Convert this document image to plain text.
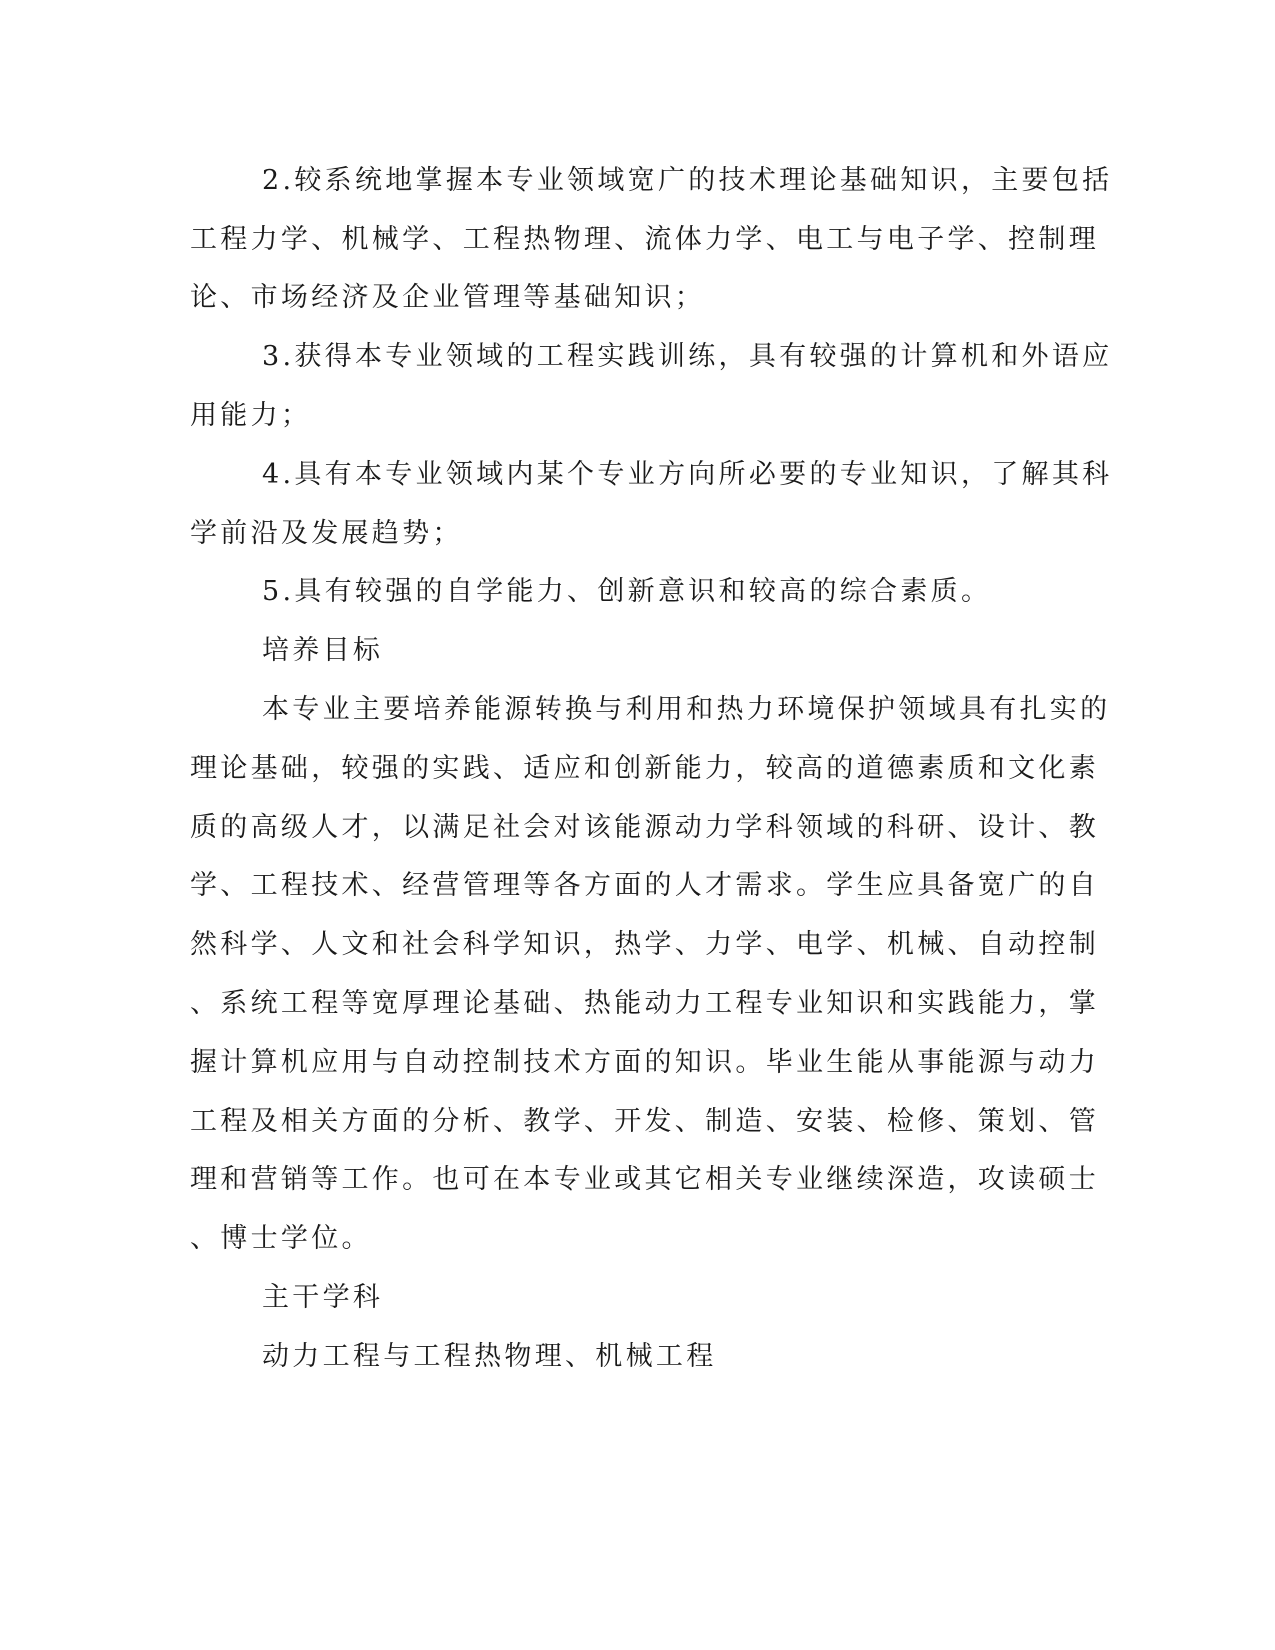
2.较系统地掌握本专业领域宽广的技术理论基础知识，主要包括
工程力学、机械学、工程热物理、流体力学、电工与电子学、控制理
论、市场经济及企业管理等基础知识；
3.获得本专业领域的工程实践训练，具有较强的计算机和外语应
用能力；
4.具有本专业领域内某个专业方向所必要的专业知识，了解其科
学前沿及发展趋势；
5.具有较强的自学能力、创新意识和较高的综合素质。
培养目标
本专业主要培养能源转换与利用和热力环境保护领域具有扎实的
理论基础，较强的实践、适应和创新能力，较高的道德素质和文化素
质的高级人才，以满足社会对该能源动力学科领域的科研、设计、教
学、工程技术、经营管理等各方面的人才需求。学生应具备宽广的自
然科学、人文和社会科学知识，热学、力学、电学、机械、自动控制
、系统工程等宽厚理论基础、热能动力工程专业知识和实践能力，掌
握计算机应用与自动控制技术方面的知识。毕业生能从事能源与动力
工程及相关方面的分析、教学、开发、制造、安装、检修、策划、管
理和营销等工作。也可在本专业或其它相关专业继续深造，攻读硕士
、博士学位。
主干学科
动力工程与工程热物理、机械工程
